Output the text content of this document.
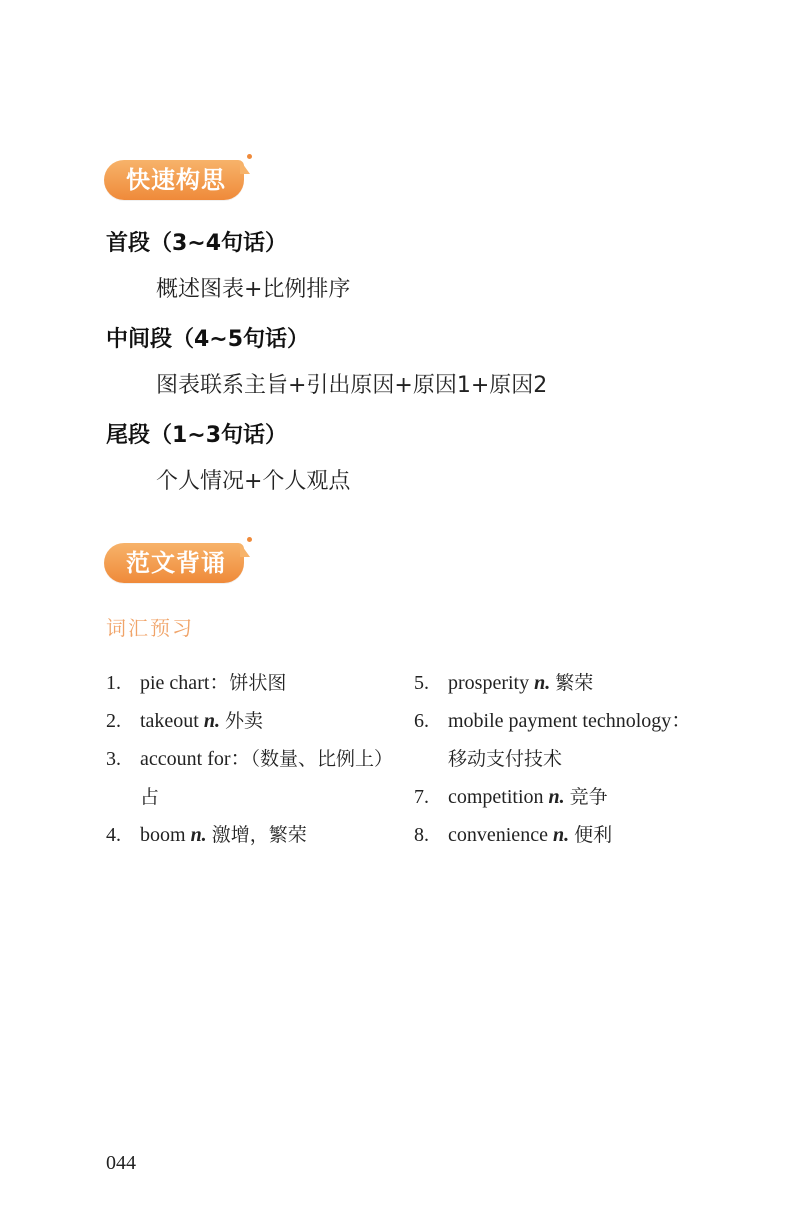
快速构思
首段（3~4句话）
概述图表+比例排序
中间段（4~5句话）
图表联系主旨+引出原因+原因1+原因2
尾段（1~3句话）
个人情况+个人观点
范文背诵
词汇预习
1. pie chart：饼状图
2. takeout n. 外卖
3. account for：（数量、比例上）占
4. boom n. 激增，繁荣
5. prosperity n. 繁荣
6. mobile payment technology：移动支付技术
7. competition n. 竞争
8. convenience n. 便利
044
